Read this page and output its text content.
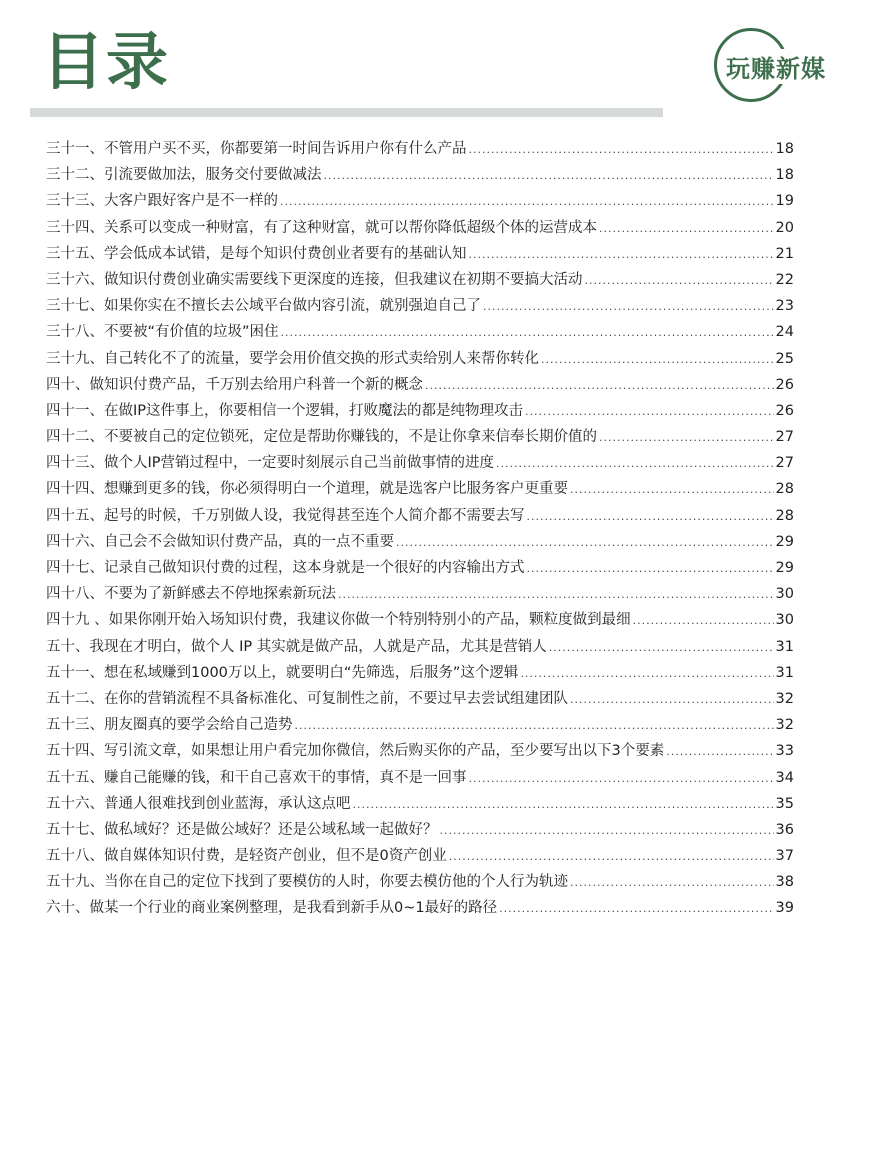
目录	玩赚新媒
三十一、不管用户买不买，你都要第一时间告诉用户你有什么产品 .....	18
三十二、引流要做加法，服务交付要做减法 .....	18
三十三、大客户跟好客户是不一样的 .....	19
三十四、关系可以变成一种财富，有了这种财富，就可以帮你降低超级个体的运营成本 .....	20
三十五、学会低成本试错，是每个知识付费创业者要有的基础认知 .....	21
三十六、做知识付费创业确实需要线下更深度的连接，但我建议在初期不要搞大活动 .....	22
三十七、如果你实在不擅长去公域平台做内容引流，就别强迫自己了 .....	23
三十八、不要被“有价值的垃圾”困住 .....	24
三十九、自己转化不了的流量，要学会用价值交换的形式卖给别人来帮你转化 .....	25
四十、做知识付费产品，千万别去给用户科普一个新的概念 .....	26
四十一、在做IP这件事上，你要相信一个逻辑，打败魔法的都是纯物理攻击 .....	26
四十二、不要被自己的定位锁死，定位是帮助你赚钱的，不是让你拿来信奉长期价值的 .....	27
四十三、做个人IP营销过程中，一定要时刻展示自己当前做事情的进度 .....	27
四十四、想赚到更多的钱，你必须得明白一个道理，就是选客户比服务客户更重要 .....	28
四十五、起号的时候，千万别做人设，我觉得甚至连个人简介都不需要去写 .....	28
四十六、自己会不会做知识付费产品，真的一点不重要 .....	29
四十七、记录自己做知识付费的过程，这本身就是一个很好的内容输出方式 .....	29
四十八、不要为了新鲜感去不停地探索新玩法 .....	30
四十九 、如果你刚开始入场知识付费，我建议你做一个特别特别小的产品，颗粒度做到最细 .....	30
五十、我现在才明白，做个人 IP 其实就是做产品，人就是产品，尤其是营销人 .....	31
五十一、想在私域赚到1000万以上，就要明白“先筛选，后服务”这个逻辑 .....	31
五十二、在你的营销流程不具备标准化、可复制性之前，不要过早去尝试组建团队 .....	32
五十三、朋友圈真的要学会给自己造势 .....	32
五十四、写引流文章，如果想让用户看完加你微信，然后购买你的产品，至少要写出以下3个要素 .....	33
五十五、赚自己能赚的钱，和干自己喜欢干的事情，真不是一回事 .....	34
五十六、普通人很难找到创业蓝海，承认这点吧 .....	35
五十七、做私域好？还是做公域好？还是公域私域一起做好？ .....	36
五十八、做自媒体知识付费，是轻资产创业，但不是0资产创业 .....	37
五十九、当你在自己的定位下找到了要模仿的人时，你要去模仿他的个人行为轨迹 .....	38
六十、做某一个行业的商业案例整理，是我看到新手从0~1最好的路径 .....	39
